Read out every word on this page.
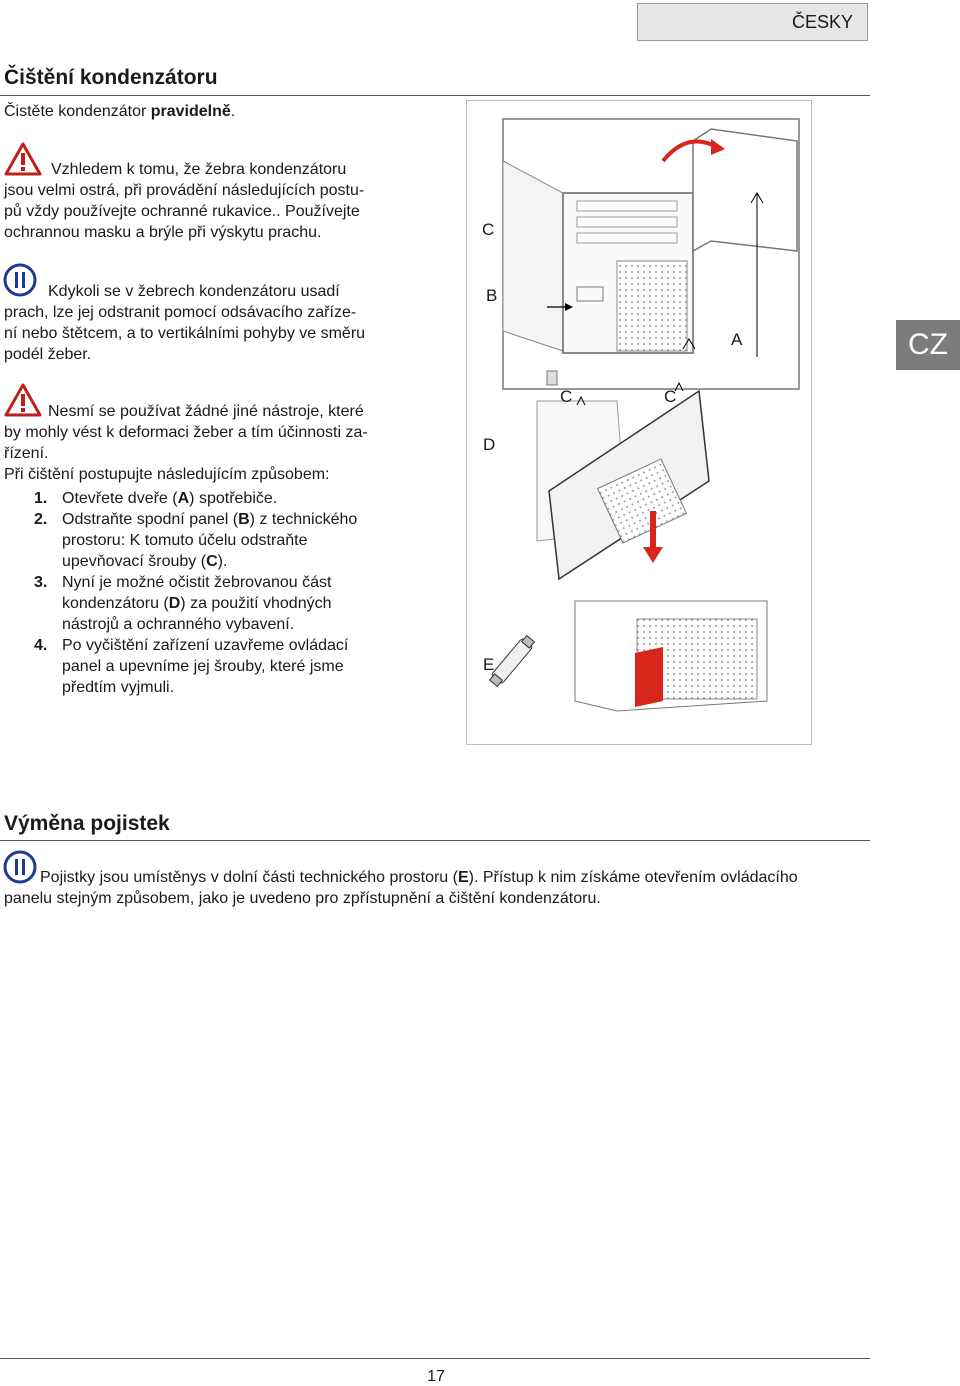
ČESKY
CZ
Čištění kondenzátoru

Čistěte kondenzátor pravidelně.

Vzhledem k tomu, že žebra kondenzátoru
jsou velmi ostrá, při provádění následujících postu-
pů vždy používejte ochranné rukavice.. Používejte
ochrannou masku a brýle při výskytu prachu.
Kdykoli se v žebrech kondenzátoru usadí
prach, lze jej odstranit pomocí odsávacího zaříze-
ní nebo štětcem, a to vertikálními pohyby ve směru
podél žeber.
Nesmí se používat žádné jiné nástroje, které
by mohly vést k deformaci žeber a tím účinnosti za-
řízení.
Při čištění postupujte následujícím způsobem:
1. Otevřete dveře (A) spotřebiče.
2. Odstraňte spodní panel (B) z technického
prostoru: K tomuto účelu odstraňte
upevňovací šrouby (C).
3. Nyní je možné očistit žebrovanou část
kondenzátoru (D) za použití vhodných
nástrojů a ochranného vybavení.
4. Po vyčištění zařízení uzavřeme ovládací
panel a upevníme jej šrouby, které jsme
předtím vyjmuli.
C
B
A
C	C
D
E
Výměna pojistek
Pojistky jsou umístěnys v dolní části technického prostoru (E). Přístup k nim získáme otevřením ovládacího
panelu stejným způsobem, jako je uvedeno pro zpřístupnění a čištění kondenzátoru.
17
